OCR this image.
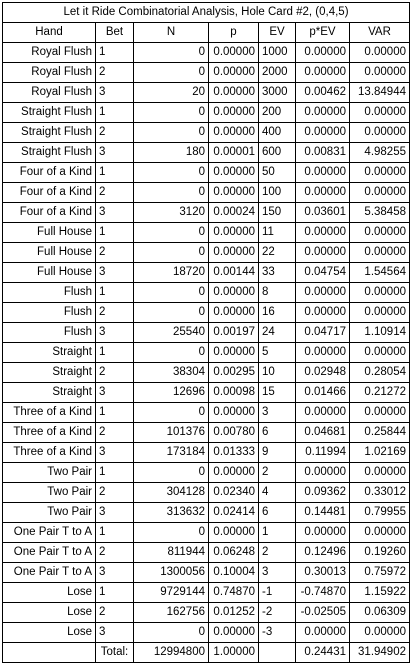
Let it Ride Combinatorial Analysis, Hole Card #2, (0,4,5)						
Hand	Bet	N	p	EV	p*EV	VAR
Royal Flush	1	0	0.00000	1000	0.00000	0.00000
Royal Flush	2	0	0.00000	2000	0.00000	0.00000
Royal Flush	3	20	0.00000	3000	0.00462	13.84944
Straight Flush	1	0	0.00000	200	0.00000	0.00000
Straight Flush	2	0	0.00000	400	0.00000	0.00000
Straight Flush	3	180	0.00001	600	0.00831	4.98255
Four of a Kind	1	0	0.00000	50	0.00000	0.00000
Four of a Kind	2	0	0.00000	100	0.00000	0.00000
Four of a Kind	3	3120	0.00024	150	0.03601	5.38458
Full House	1	0	0.00000	11	0.00000	0.00000
Full House	2	0	0.00000	22	0.00000	0.00000
Full House	3	18720	0.00144	33	0.04754	1.54564
Flush	1	0	0.00000	8	0.00000	0.00000
Flush	2	0	0.00000	16	0.00000	0.00000
Flush	3	25540	0.00197	24	0.04717	1.10914
Straight	1	0	0.00000	5	0.00000	0.00000
Straight	2	38304	0.00295	10	0.02948	0.28054
Straight	3	12696	0.00098	15	0.01466	0.21272
Three of a Kind	1	0	0.00000	3	0.00000	0.00000
Three of a Kind	2	101376	0.00780	6	0.04681	0.25844
Three of a Kind	3	173184	0.01333	9	0.11994	1.02169
Two Pair	1	0	0.00000	2	0.00000	0.00000
Two Pair	2	304128	0.02340	4	0.09362	0.33012
Two Pair	3	313632	0.02414	6	0.14481	0.79955
One Pair T to A	1	0	0.00000	1	0.00000	0.00000
One Pair T to A	2	811944	0.06248	2	0.12496	0.19260
One Pair T to A	3	1300056	0.10004	3	0.30013	0.75972
Lose	1	9729144	0.74870	-1	-0.74870	1.15922
Lose	2	162756	0.01252	-2	-0.02505	0.06309
Lose	3	0	0.00000	-3	0.00000	0.00000
	Total:	12994800	1.00000		0.24431	31.94902
